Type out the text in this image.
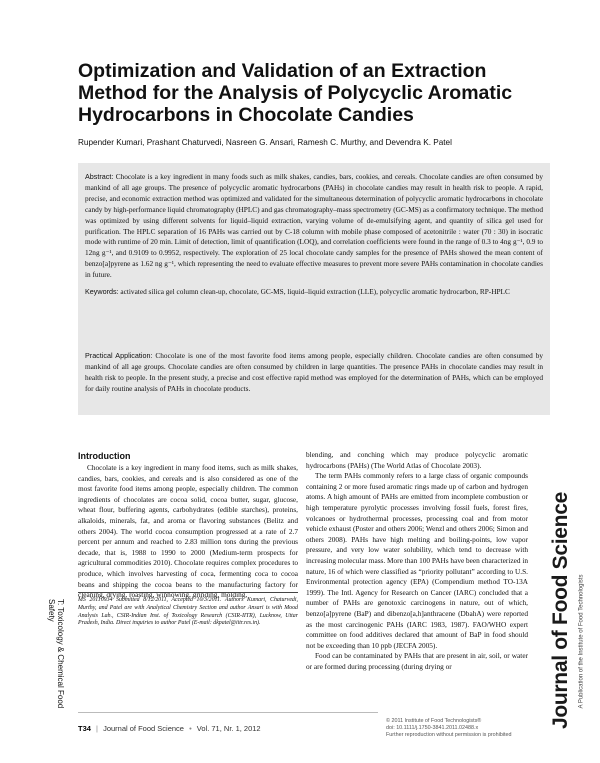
Optimization and Validation of an Extraction Method for the Analysis of Polycyclic Aromatic Hydrocarbons in Chocolate Candies
Rupender Kumari, Prashant Chaturvedi, Nasreen G. Ansari, Ramesh C. Murthy, and Devendra K. Patel

Abstract: Chocolate is a key ingredient in many foods such as milk shakes, candies, bars, cookies, and cereals. Chocolate candies are often consumed by mankind of all age groups. The presence of polycyclic aromatic hydrocarbons (PAHs) in chocolate candies may result in health risk to people. A rapid, precise, and economic extraction method was optimized and validated for the simultaneous determination of polycyclic aromatic hydrocarbons in chocolate candy by high-performance liquid chromatography (HPLC) and gas chromatography–mass spectrometry (GC-MS) as a confirmatory technique. The method was optimized by using different solvents for liquid–liquid extraction, varying volume of de-emulsifying agent, and quantity of silica gel used for purification. The HPLC separation of 16 PAHs was carried out by C-18 column with mobile phase composed of acetonitrile : water (70 : 30) in isocratic mode with runtime of 20 min. Limit of detection, limit of quantification (LOQ), and correlation coefficients were found in the range of 0.3 to 4ng g⁻¹, 0.9 to 12ng g⁻¹, and 0.9109 to 0.9952, respectively. The exploration of 25 local chocolate candy samples for the presence of PAHs showed the mean content of benzo[a]pyrene as 1.62 ng g⁻¹, which representing the need to evaluate effective measures to prevent more severe PAHs contamination in chocolate candies in future.

Keywords: activated silica gel column clean-up, chocolate, GC-MS, liquid–liquid extraction (LLE), polycyclic aromatic hydrocarbon, RP-HPLC

Practical Application: Chocolate is one of the most favorite food items among people, especially children. Chocolate candies are often consumed by mankind of all age groups. Chocolate candies are often consumed by children in large quantities. The presence PAHs in chocolate candies may result in health risk to people. In the present study, a precise and cost effective rapid method was employed for the determination of PAHs, which can be employed for daily routine analysis of PAHs in chocolate products.

Introduction

Chocolate is a key ingredient in many food items, such as milk shakes, candies, bars, cookies, and cereals and is also considered as one of the most favorite food items among people, especially children. The common ingredients of chocolates are cocoa solid, cocoa butter, sugar, glucose, wheat flour, buffering agents, carbohydrates (edible starches), proteins, alkaloids, minerals, fat, and aroma or flavoring substances (Belitz and others 2004). The world cocoa consumption progressed at a rate of 2.7 percent per annum and reached to 2.83 million tons during the previous decade, that is, 1988 to 1990 to 2000 (Medium-term prospects for agricultural commodities 2010). Chocolate requires complex procedures to produce, which involves harvesting of coca, fermenting coca to cocoa beans and shipping the cocoa beans to the manufacturing factory for cleaning, drying, roasting, winnowing, grinding, molding,

MS 20110934 Submitted 8/12/2011, Accepted 10/3/2011. Authors Kumari, Chaturvedi, Murthy, and Patel are with Analytical Chemistry Section and author Ansari is with Mood Analysis Lab., CSIR-Indian Inst. of Toxicology Research (CSIR-IITR), Lucknow, Uttar Pradesh, India. Direct inquiries to author Patel (E-mail: dkpatel@iitr.res.in).

blending, and conching which may produce polycyclic aromatic hydrocarbons (PAHs) (The World Atlas of Chocolate 2003).

The term PAHs commonly refers to a large class of organic compounds containing 2 or more fused aromatic rings made up of carbon and hydrogen atoms. A high amount of PAHs are emitted from incomplete combustion or high temperature pyrolytic processes involving fossil fuels, forest fires, volcanoes or hydrothermal processes, processing coal and from motor vehicle exhaust (Poster and others 2006; Wenzl and others 2006; Simon and others 2008). PAHs have high melting and boiling-points, low vapor pressure, and very low water solubility, which tend to decrease with increasing molecular mass. More than 100 PAHs have been characterized in nature, 16 of which were classified as “priority pollutant” according to U.S. Environmental protection agency (EPA) (Compendium method TO-13A 1999). The Intl. Agency for Research on Cancer (IARC) concluded that a number of PAHs are genotoxic carcinogens in nature, out of which, benzo[a]pyrene (BaP) and dibenzo[a,h]anthracene (DbahA) were reported as the most carcinogenic PAHs (IARC 1983, 1987). FAO/WHO expert committee on food additives declared that amount of BaP in food should not be exceeding than 10 ppb (JECFA 2005).

Food can be contaminated by PAHs that are present in air, soil, or water or are formed during processing (during drying or

T: Toxicology & Chemical Food Safety	Journal of Food Science	A Publication of the Institute of Food Technologists
T34 | Journal of Food Science • Vol. 71, Nr. 1, 2012
© 2011 Institute of Food Technologists®
doi: 10.1111/j.1750-3841.2011.02488.x
Further reproduction without permission is prohibited
